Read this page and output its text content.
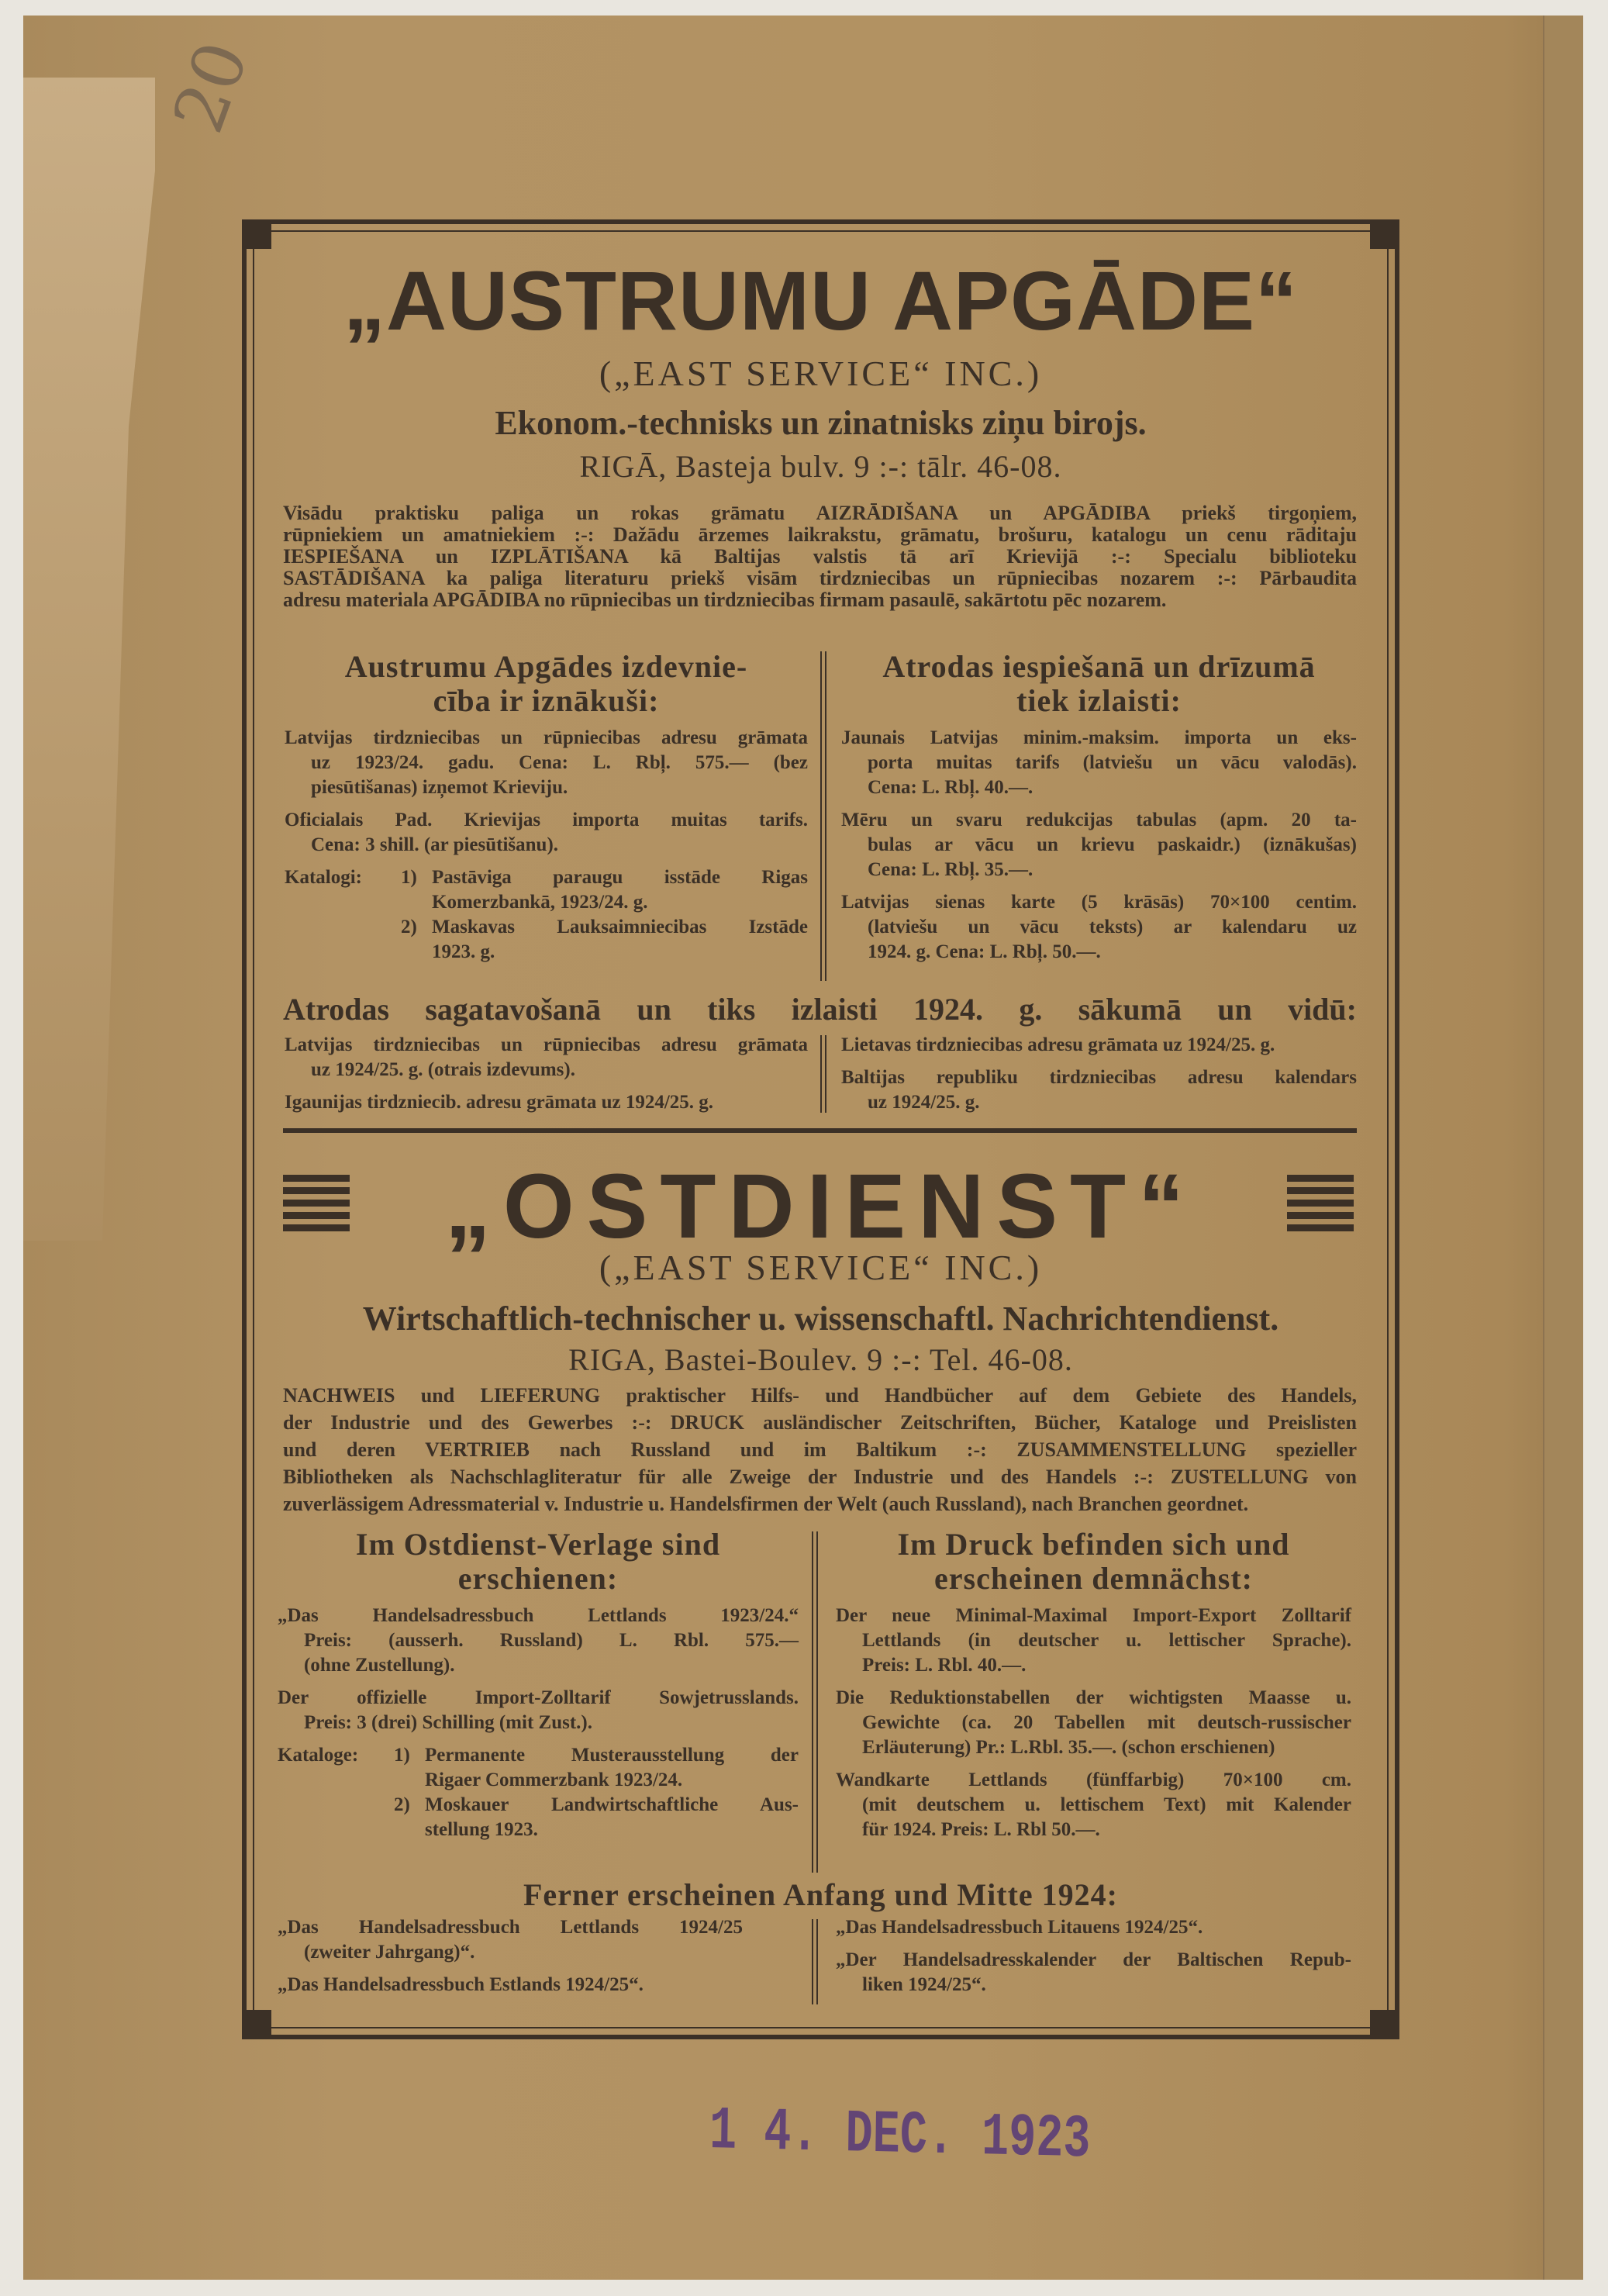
20
„AUSTRUMU APGĀDE“
(„EAST SERVICE“ INC.)
Ekonom.-technisks un zinatnisks ziņu birojs.
RIGĀ, Basteja bulv. 9 :-: tālr. 46-08.
Visādu praktisku paliga un rokas grāmatu AIZRĀDIŠANA un APGĀDIBA priekš tirgoņiem,
rūpniekiem un amatniekiem :-: Dažādu ārzemes laikrakstu, grāmatu, brošuru, katalogu un cenu rāditaju
IESPIEŠANA un IZPLĀTIŠANA kā Baltijas valstis tā arī Krievijā :-: Specialu biblioteku
SASTĀDIŠANA ka paliga literaturu priekš visām tirdzniecibas un rūpniecibas nozarem :-: Pārbaudita
adresu materiala APGĀDIBA no rūpniecibas un tirdzniecibas firmam pasaulē, sakārtotu pēc nozarem.
Austrumu Apgādes izdevnie-
cība ir iznākuši:
Latvijas tirdzniecibas un rūpniecibas adresu grāmata
uz 1923/24. gadu. Cena: L. Rbļ. 575.— (bez
piesūtišanas) izņemot Krieviju.
Oficialais Pad. Krievijas importa muitas tarifs.
Cena: 3 shill. (ar piesūtišanu).
Katalogi:	1) Pastāviga paraugu isstāde Rigas
Komerzbankā, 1923/24. g.
2) Maskavas Lauksaimniecibas Izstāde
1923. g.
Atrodas iespiešanā un drīzumā
tiek izlaisti:
Jaunais Latvijas minim.-maksim. importa un eks-
porta muitas tarifs (latviešu un vācu valodās).
Cena: L. Rbļ. 40.—.
Mēru un svaru redukcijas tabulas (apm. 20 ta-
bulas ar vācu un krievu paskaidr.) (iznākušas)
Cena: L. Rbļ. 35.—.
Latvijas sienas karte (5 krāsās) 70×100 centim.
(latviešu un vācu teksts) ar kalendaru uz
1924. g. Cena: L. Rbļ. 50.—.
Atrodas sagatavošanā un tiks izlaisti 1924. g. sākumā un vidū:
Latvijas tirdzniecibas un rūpniecibas adresu grāmata
uz 1924/25. g. (otrais izdevums).
Igaunijas tirdzniecib. adresu grāmata uz 1924/25. g.
Lietavas tirdzniecibas adresu grāmata uz 1924/25. g.
Baltijas republiku tirdzniecibas adresu kalendars
uz 1924/25. g.
„OSTDIENST“
(„EAST SERVICE“ INC.)
Wirtschaftlich-technischer u. wissenschaftl. Nachrichtendienst.
RIGA, Bastei-Boulev. 9 :-: Tel. 46-08.
NACHWEIS und LIEFERUNG praktischer Hilfs- und Handbücher auf dem Gebiete des Handels,
der Industrie und des Gewerbes :-: DRUCK ausländischer Zeitschriften, Bücher, Kataloge und Preislisten
und deren VERTRIEB nach Russland und im Baltikum :-: ZUSAMMENSTELLUNG spezieller
Bibliotheken als Nachschlagliteratur für alle Zweige der Industrie und des Handels :-: ZUSTELLUNG von
zuverlässigem Adressmaterial v. Industrie u. Handelsfirmen der Welt (auch Russland), nach Branchen geordnet.
Im Ostdienst-Verlage sind
erschienen:
„Das Handelsadressbuch Lettlands 1923/24.“
Preis: (ausserh. Russland) L. Rbl. 575.—
(ohne Zustellung).
Der offizielle Import-Zolltarif Sowjetrusslands.
Preis: 3 (drei) Schilling (mit Zust.).
Kataloge:	1) Permanente Musterausstellung der
Rigaer Commerzbank 1923/24.
2) Moskauer Landwirtschaftliche Aus-
stellung 1923.
Im Druck befinden sich und
erscheinen demnächst:
Der neue Minimal-Maximal Import-Export Zolltarif
Lettlands (in deutscher u. lettischer Sprache).
Preis: L. Rbl. 40.—.
Die Reduktionstabellen der wichtigsten Maasse u.
Gewichte (ca. 20 Tabellen mit deutsch-russischer
Erläuterung) Pr.: L.Rbl. 35.—. (schon erschienen)
Wandkarte Lettlands (fünffarbig) 70×100 cm.
(mit deutschem u. lettischem Text) mit Kalender
für 1924. Preis: L. Rbl 50.—.
Ferner erscheinen Anfang und Mitte 1924:
„Das Handelsadressbuch Lettlands 1924/25
(zweiter Jahrgang)“.
„Das Handelsadressbuch Estlands 1924/25“.
„Das Handelsadressbuch Litauens 1924/25“.
„Der Handelsadresskalender der Baltischen Repub-
liken 1924/25“.
1 4. DEC. 1923
